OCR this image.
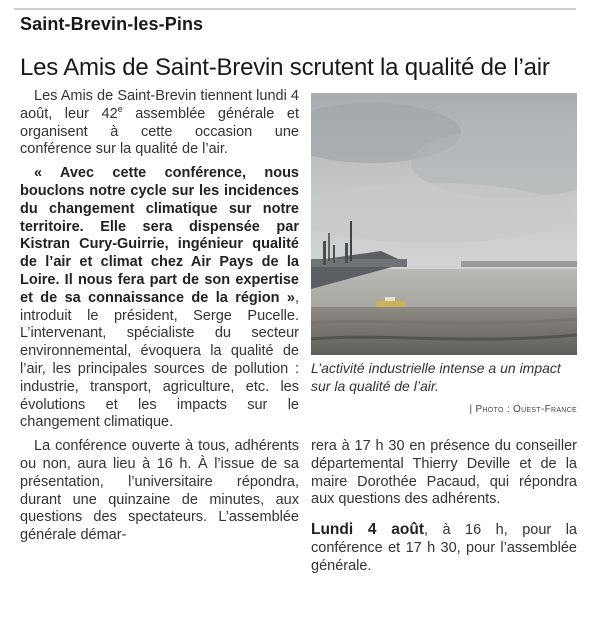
Saint-Brevin-les-Pins
Les Amis de Saint-Brevin scrutent la qualité de l’air

Les Amis de Saint-Brevin tiennent lundi 4 août, leur 42e assemblée générale et organisent à cette occasion une conférence sur la qualité de l’air.

« Avec cette conférence, nous bouclons notre cycle sur les incidences du changement climatique sur notre territoire. Elle sera dispensée par Kistran Cury-Guirrie, ingénieur qualité de l’air et climat chez Air Pays de la Loire. Il nous fera part de son expertise et de sa connaissance de la région », introduit le président, Serge Pucelle. L’intervenant, spécialiste du secteur environnemental, évoquera la qualité de l’air, les principales sources de pollution : industrie, transport, agriculture, etc. les évolutions et les impacts sur le changement climatique.

La conférence ouverte à tous, adhérents ou non, aura lieu à 16 h. À l’issue de sa présentation, l’universitaire répondra, durant une quinzaine de minutes, aux questions des spectateurs. L’assemblée générale démar-

L’activité industrielle intense a un impact sur la qualité de l’air.
| Photo : Ouest-France

rera à 17 h 30 en présence du conseiller départemental Thierry Deville et de la maire Dorothée Pacaud, qui répondra aux questions des adhérents.

Lundi 4 août, à 16 h, pour la conférence et 17 h 30, pour l’assemblée générale.
